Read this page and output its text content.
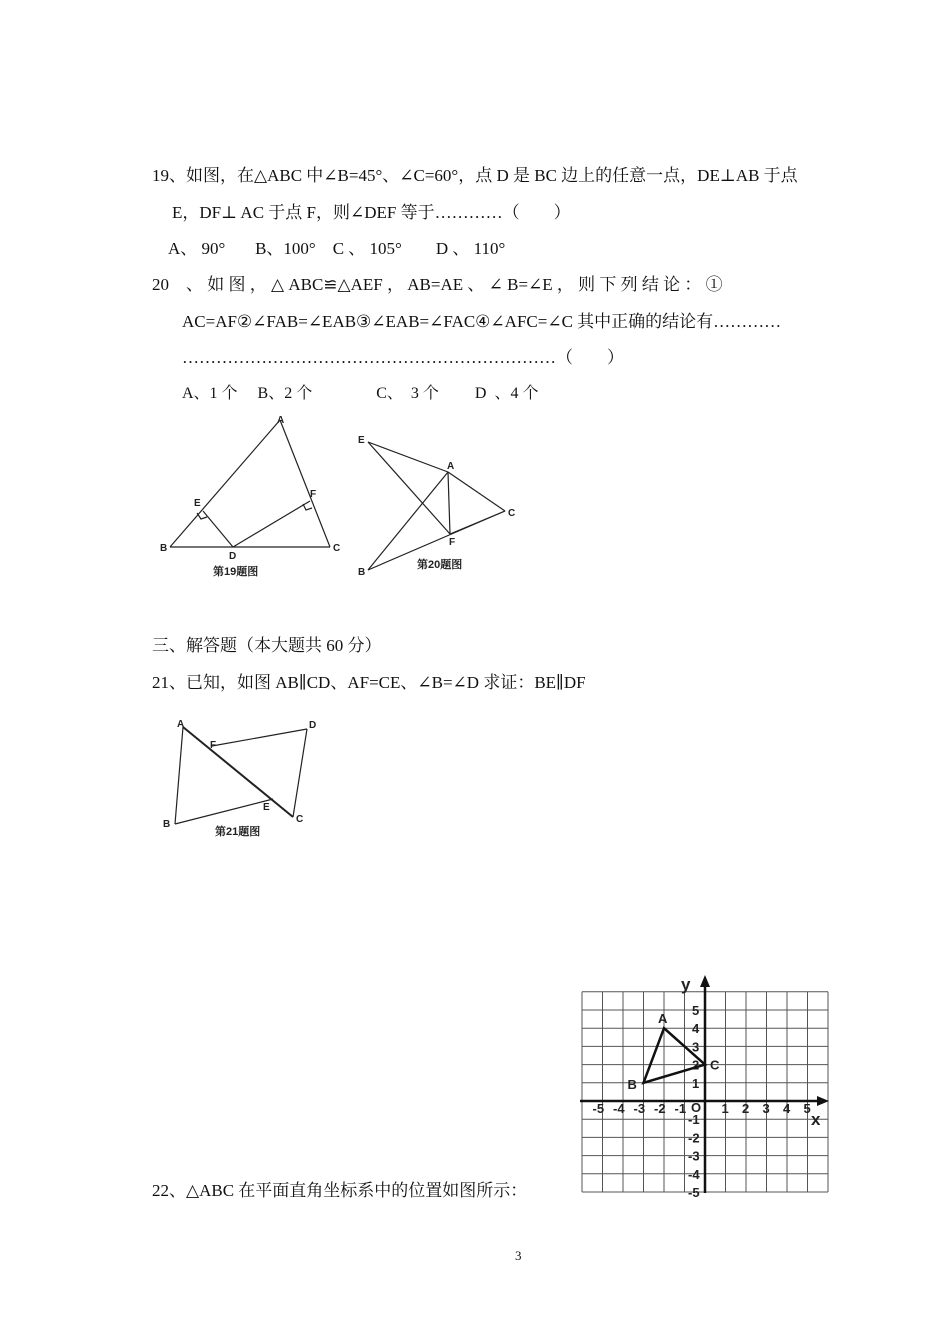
19、如图，在△ABC 中∠B=45°、∠C=60°，点 D 是 BC 边上的任意一点，DE⊥AB 于点
E，DF⊥ AC 于点 F，则∠DEF 等于…………（        ）
A、 90°       B、100°    C 、 105°        D 、 110°
20    、 如 图 ， △ ABC≌△AEF ， AB=AE 、 ∠ B=∠E ， 则 下 列 结 论 ： ①
AC=AF②∠FAB=∠EAB③∠EAB=∠FAC④∠AFC=∠C 其中正确的结论有…………
…………………………………………………………（        ）
A、1 个     B、2 个                C、  3 个         D  、4 个
A
B	C
D
E
F
第19题图
E
A
C
F
B
第20题图
三、解答题（本大题共 60 分）
21、已知，如图 AB∥CD、AF=CE、∠B=∠D 求证：BE∥DF
A	D
F
E
B	C
第21题图
x
y
O
-5 -4 -3 -2 -1	1 2 3 4 5
5
4
3
2
1
-1
-2
-3
-4
-5
A
B
C
22、△ABC 在平面直角坐标系中的位置如图所示：
3
